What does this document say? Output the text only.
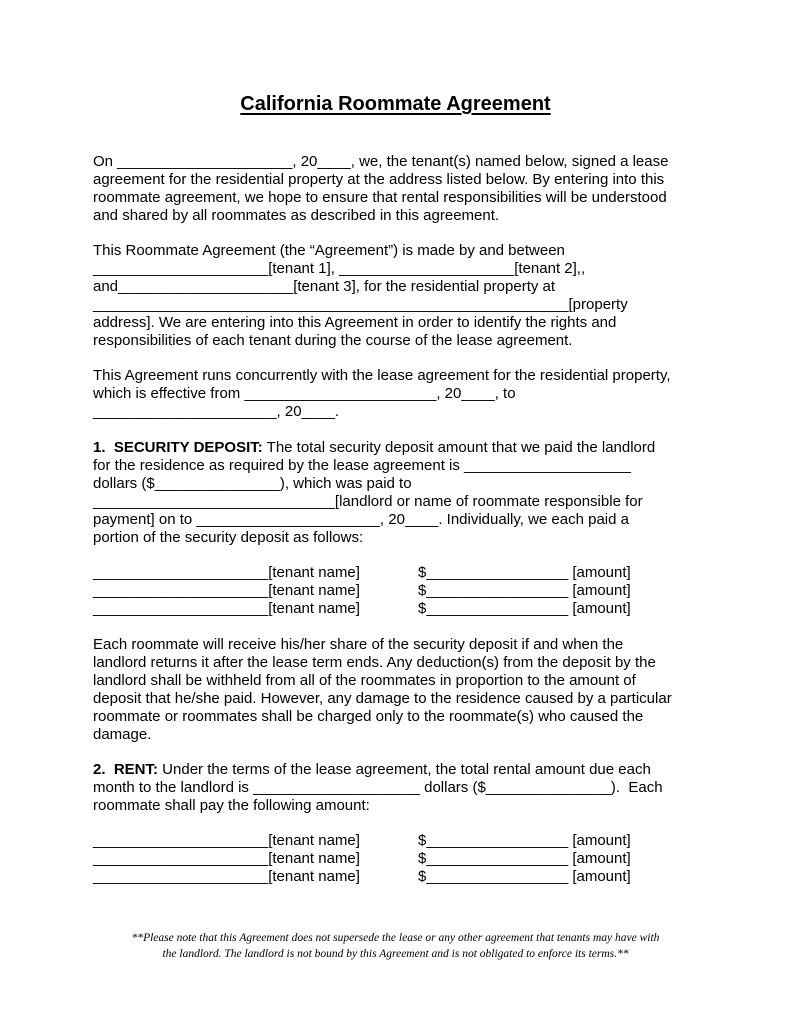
California Roommate Agreement
On _____________________, 20____, we, the tenant(s) named below, signed a lease
agreement for the residential property at the address listed below. By entering into this
roommate agreement, we hope to ensure that rental responsibilities will be understood
and shared by all roommates as described in this agreement.
This Roommate Agreement (the “Agreement”) is made by and between
_____________________[tenant 1], _____________________[tenant 2],,
and_____________________[tenant 3], for the residential property at
_________________________________________________________[property
address]. We are entering into this Agreement in order to identify the rights and
responsibilities of each tenant during the course of the lease agreement.
This Agreement runs concurrently with the lease agreement for the residential property,
which is effective from _______________________, 20____, to
______________________, 20____.
1.  SECURITY DEPOSIT: The total security deposit amount that we paid the landlord
for the residence as required by the lease agreement is ____________________
dollars ($_______________), which was paid to
_____________________________[landlord or name of roommate responsible for
payment] on to ______________________, 20____. Individually, we each paid a
portion of the security deposit as follows:
_____________________[tenant name]	$_________________ [amount]
_____________________[tenant name]	$_________________ [amount]
_____________________[tenant name]	$_________________ [amount]
Each roommate will receive his/her share of the security deposit if and when the
landlord returns it after the lease term ends. Any deduction(s) from the deposit by the
landlord shall be withheld from all of the roommates in proportion to the amount of
deposit that he/she paid. However, any damage to the residence caused by a particular
roommate or roommates shall be charged only to the roommate(s) who caused the
damage.
2.  RENT: Under the terms of the lease agreement, the total rental amount due each
month to the landlord is ____________________ dollars ($_______________).  Each
roommate shall pay the following amount:
_____________________[tenant name]	$_________________ [amount]
_____________________[tenant name]	$_________________ [amount]
_____________________[tenant name]	$_________________ [amount]
**Please note that this Agreement does not supersede the lease or any other agreement that tenants may have with
the landlord. The landlord is not bound by this Agreement and is not obligated to enforce its terms.**
